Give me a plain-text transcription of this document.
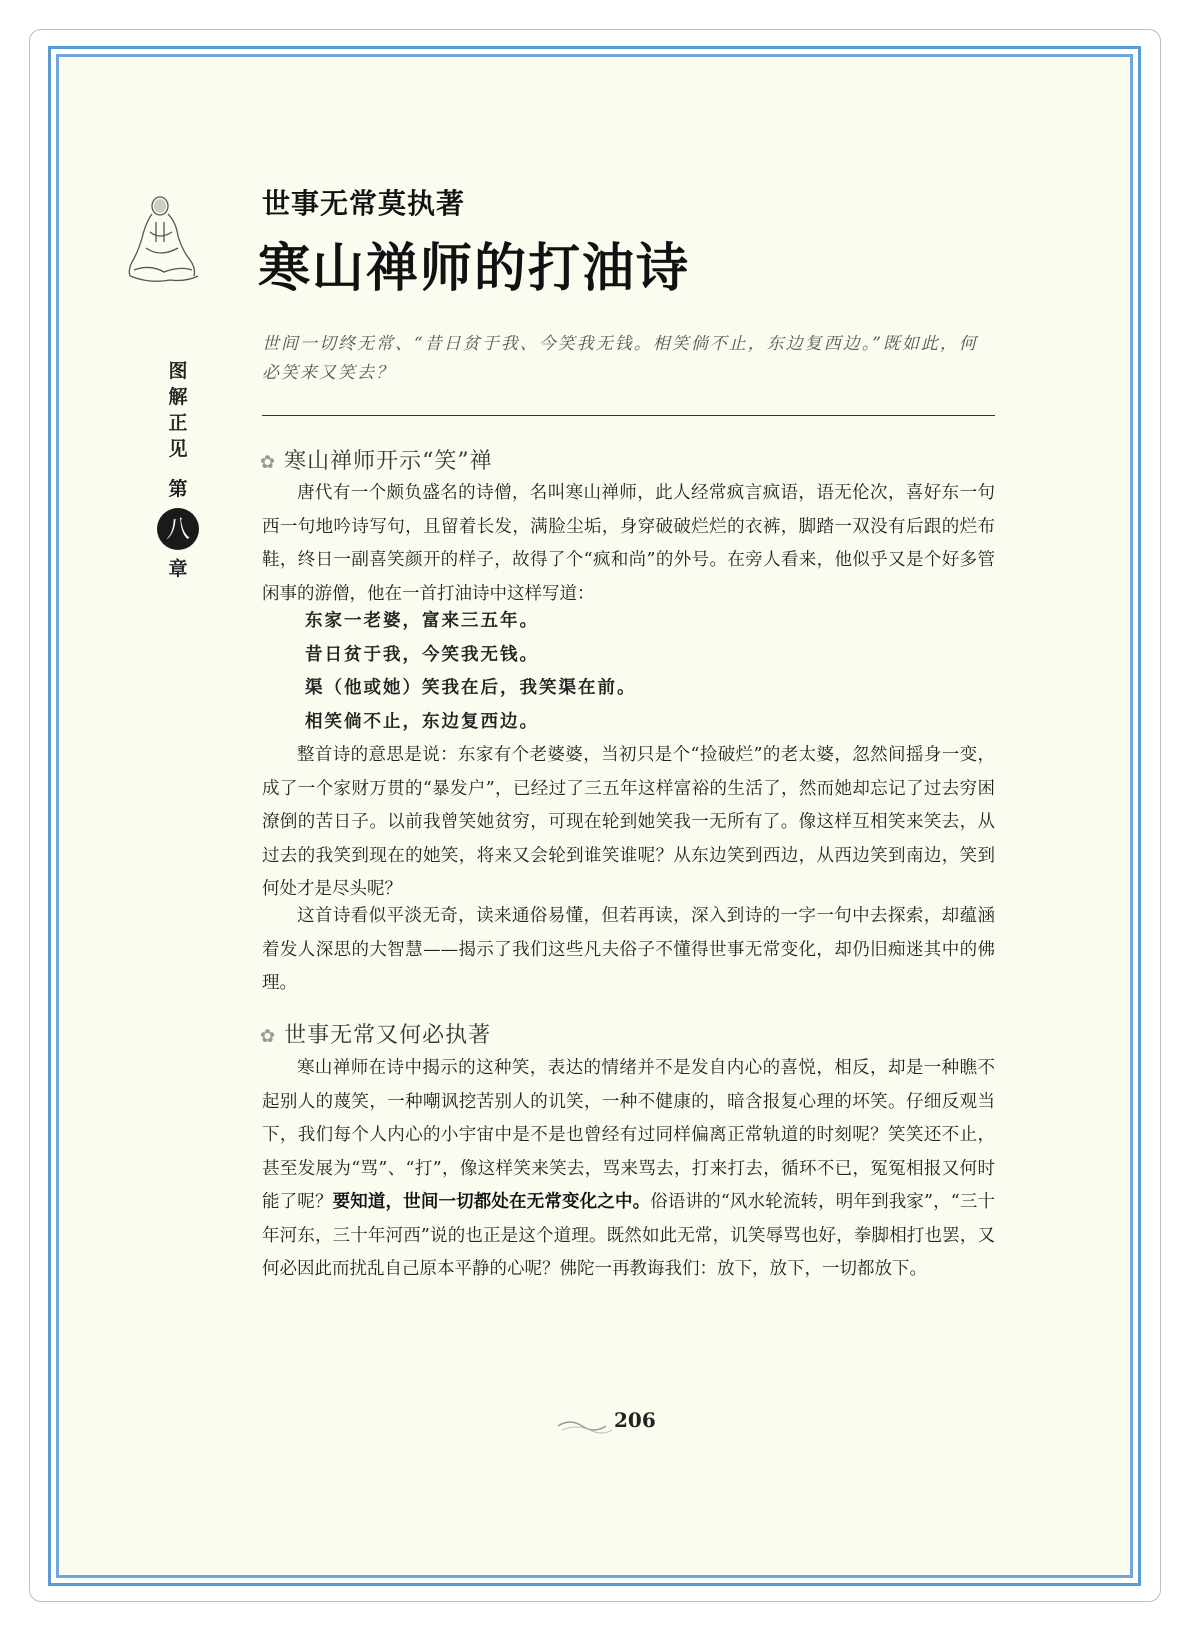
图
解
正
见
第
八
章
世事无常莫执著
寒山禅师的打油诗
世间一切终无常、“昔日贫于我、今笑我无钱。相笑倘不止，东边复西边。”既如此，何必笑来又笑去？
✿ 寒山禅师开示“笑”禅

唐代有一个颇负盛名的诗僧，名叫寒山禅师，此人经常疯言疯语，语无伦次，喜好东一句西一句地吟诗写句，且留着长发，满脸尘垢，身穿破破烂烂的衣裤，脚踏一双没有后跟的烂布鞋，终日一副喜笑颜开的样子，故得了个“疯和尚”的外号。在旁人看来，他似乎又是个好多管闲事的游僧，他在一首打油诗中这样写道：

东家一老婆，富来三五年。
昔日贫于我，今笑我无钱。
渠（他或她）笑我在后，我笑渠在前。
相笑倘不止，东边复西边。

整首诗的意思是说：东家有个老婆婆，当初只是个“捡破烂”的老太婆，忽然间摇身一变，成了一个家财万贯的“暴发户”，已经过了三五年这样富裕的生活了，然而她却忘记了过去穷困潦倒的苦日子。以前我曾笑她贫穷，可现在轮到她笑我一无所有了。像这样互相笑来笑去，从过去的我笑到现在的她笑，将来又会轮到谁笑谁呢？从东边笑到西边，从西边笑到南边，笑到何处才是尽头呢？

这首诗看似平淡无奇，读来通俗易懂，但若再读，深入到诗的一字一句中去探索，却蕴涵着发人深思的大智慧——揭示了我们这些凡夫俗子不懂得世事无常变化，却仍旧痴迷其中的佛理。

✿ 世事无常又何必执著

寒山禅师在诗中揭示的这种笑，表达的情绪并不是发自内心的喜悦，相反，却是一种瞧不起别人的蔑笑，一种嘲讽挖苦别人的讥笑，一种不健康的，暗含报复心理的坏笑。仔细反观当下，我们每个人内心的小宇宙中是不是也曾经有过同样偏离正常轨道的时刻呢？笑笑还不止，甚至发展为“骂”、“打”，像这样笑来笑去，骂来骂去，打来打去，循环不已，冤冤相报又何时能了呢？要知道，世间一切都处在无常变化之中。俗语讲的“风水轮流转，明年到我家”，“三十年河东，三十年河西”说的也正是这个道理。既然如此无常，讥笑辱骂也好，拳脚相打也罢，又何必因此而扰乱自己原本平静的心呢？佛陀一再教诲我们：放下，放下，一切都放下。

206
